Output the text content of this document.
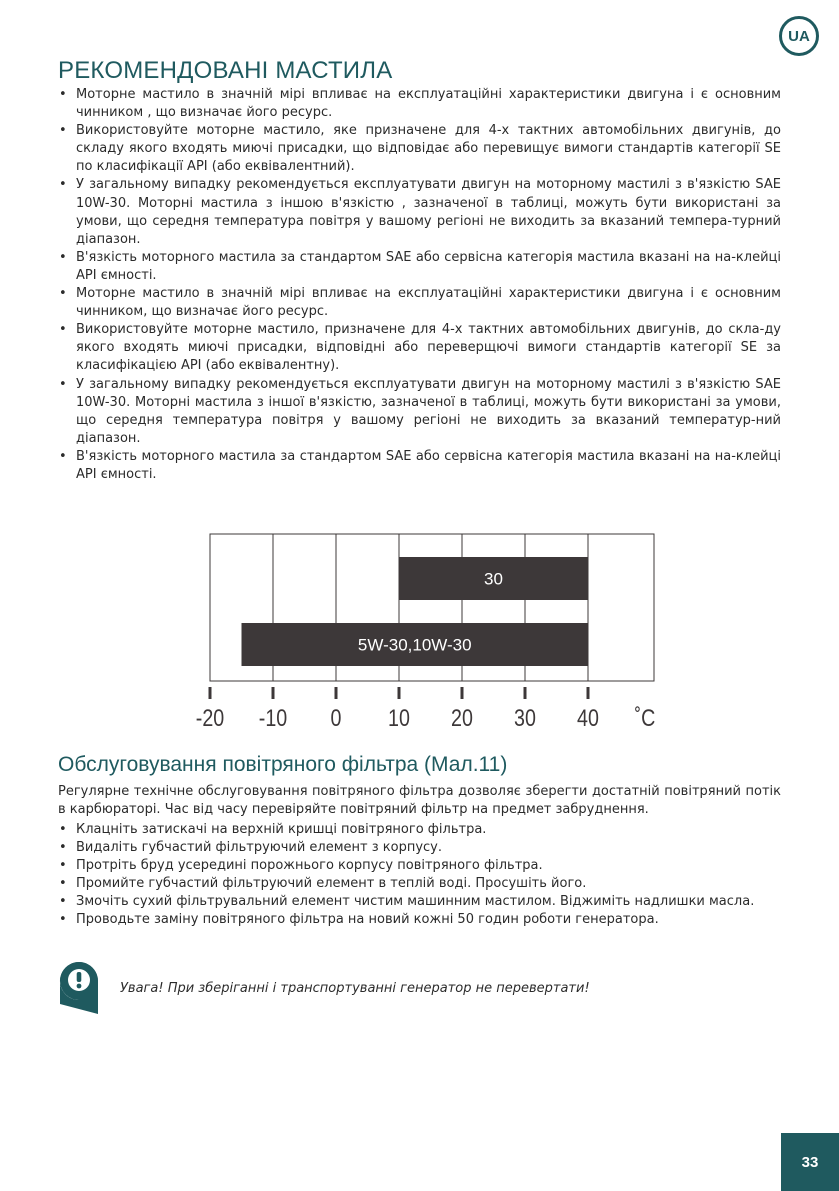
UA
РЕКОМЕНДОВАНІ МАСТИЛА
• Моторне мастило в значній мірі впливає на експлуатаційні характеристики двигуна і є основним чинником , що визначає його ресурс.
• Використовуйте моторне мастило, яке призначене для 4-х тактних автомобільних двигунів, до складу якого входять миючі присадки, що відповідає або перевищує вимоги стандартів категорії SE по класифікації API (або еквівалентний).
• У загальному випадку рекомендується експлуатувати двигун на моторному мастилі з в'язкістю SAE 10W-30. Моторні мастила з іншою в'язкістю , зазначеної в таблиці, можуть бути використані за умови, що середня температура повітря у вашому регіоні не виходить за вказаний темпера-турний діапазон.
• В'язкість моторного мастила за стандартом SAE або сервісна категорія мастила вказані на на-клейці API ємності.
• Моторне мастило в значній мірі впливає на експлуатаційні характеристики двигуна і є основним чинником, що визначає його ресурс.
• Використовуйте моторне мастило, призначене для 4-х тактних автомобільних двигунів, до скла-ду якого входять миючі присадки, відповідні або переверщючі вимоги стандартів категорії SE за класифікацією API (або еквівалентну).
• У загальному випадку рекомендується експлуатувати двигун на моторному мастилі з в'язкістю SAE 10W-30. Моторні мастила з іншої в'язкістю, зазначеної в таблиці, можуть бути використані за умови, що середня температура повітря у вашому регіоні не виходить за вказаний температур-ний діапазон.
• В'язкість моторного мастила за стандартом SAE або сервісна категорія мастила вказані на на-клейці API ємності.
30
5W-30,10W-30
-20 -10 0 10 20 30 40 ˚C
Обслуговування повітряного фільтра (Мал.11)

Регулярне технічне обслуговування повітряного фільтра дозволяє зберегти достатній повітряний потік в карбюраторі. Час від часу перевіряйте повітряний фільтр на предмет забруднення.

• Клацніть затискачі на верхній кришці повітряного фільтра.
• Видаліть губчастий фільтруючий елемент з корпусу.
• Протріть бруд усередині порожнього корпусу повітряного фільтра.
• Промийте губчастий фільтруючий елемент в теплій воді. Просушіть його.
• Змочіть сухий фільтрувальний елемент чистим машинним мастилом. Віджиміть надлишки масла.
• Проводьте заміну повітряного фільтра на новий кожні 50 годин роботи генератора.
Увага! При зберіганні і транспортуванні генератор не перевертати!
33
